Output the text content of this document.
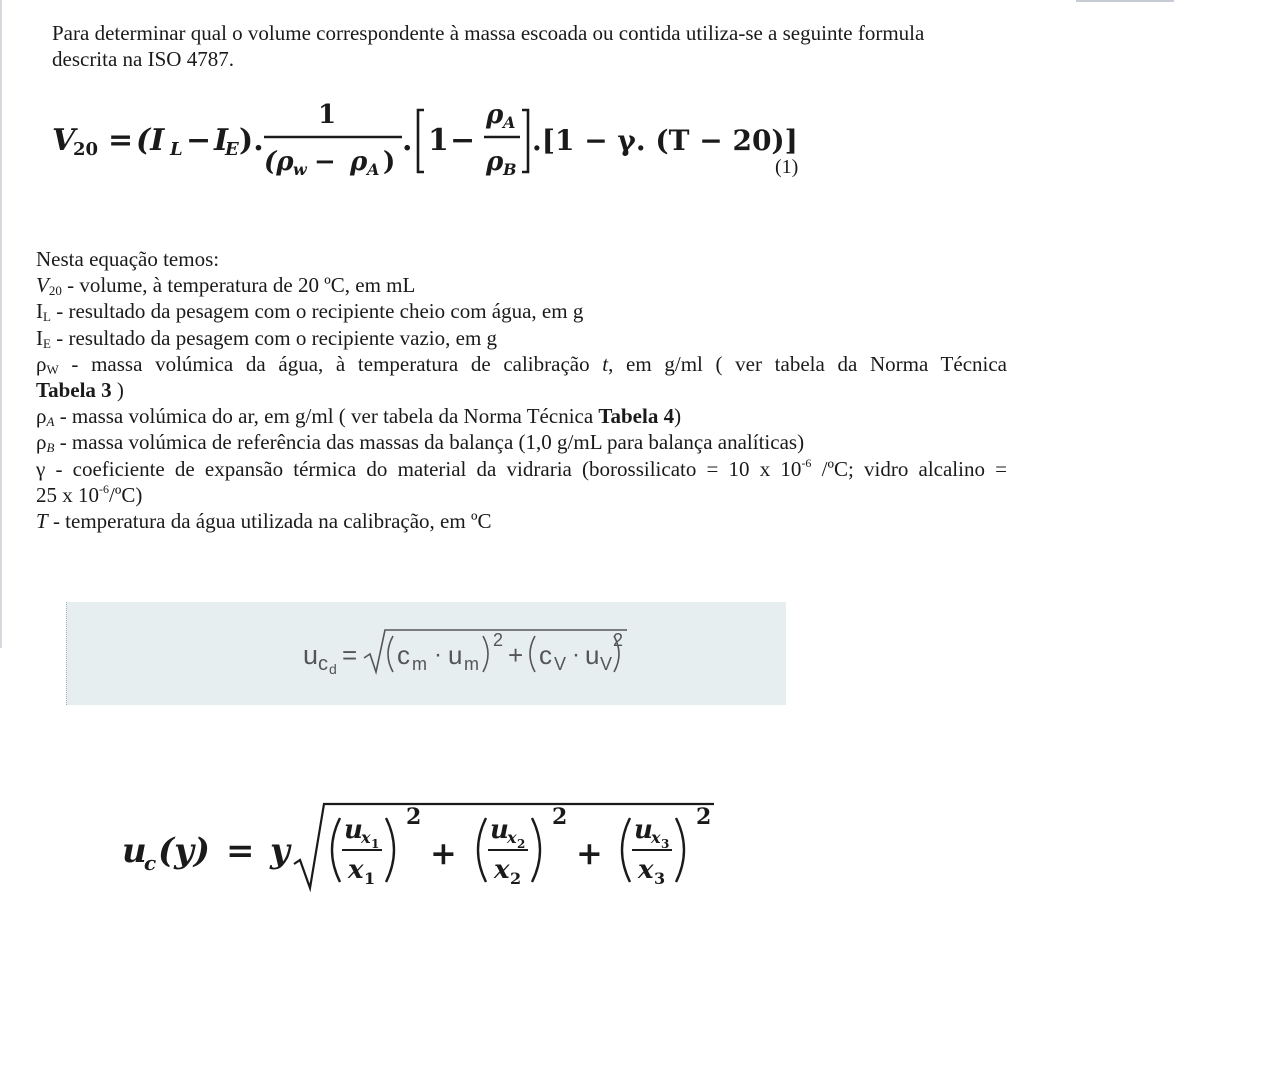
Para determinar qual o volume correspondente à massa escoada ou contida utiliza-se a seguinte formula
descrita na ISO 4787.
V
20 = (I L − I
E ).
1
(ρ w − ρ A )
. 1 −
ρ A
ρ B
.[1 − γ. (T − 20)]
(1)
Nesta equação temos:
$V_{20}$ - volume, à temperatura de 20 ºC, em mL
$I_L$ - resultado da pesagem com o recipiente cheio com água, em g
$I_E$ - resultado da pesagem com o recipiente vazio, em g
$\rho_W$ - massa volúmica da água, à temperatura de calibração t, em g/ml ( ver tabela da Norma Técnica
Tabela 3 )
$\rho_A$ - massa volúmica do ar, em g/ml ( ver tabela da Norma Técnica Tabela 4)
$\rho_B$ - massa volúmica de referência das massas da balança (1,0 g/mL para balança analíticas)
γ - coeficiente de expansão térmica do material da vidraria (borossilicato = 10 x $10^{-6}$ /ºC; vidro alcalino =
25 x $10^{-6}/ºC$)
T - temperatura da água utilizada na calibração, em ºC
u c d = c m · u m
2 + c V · u V
2
u
c (y) = y
u
x 1
x 1
2
+
u
x 2
x 2
2
+
u
x 3
x 3
2
